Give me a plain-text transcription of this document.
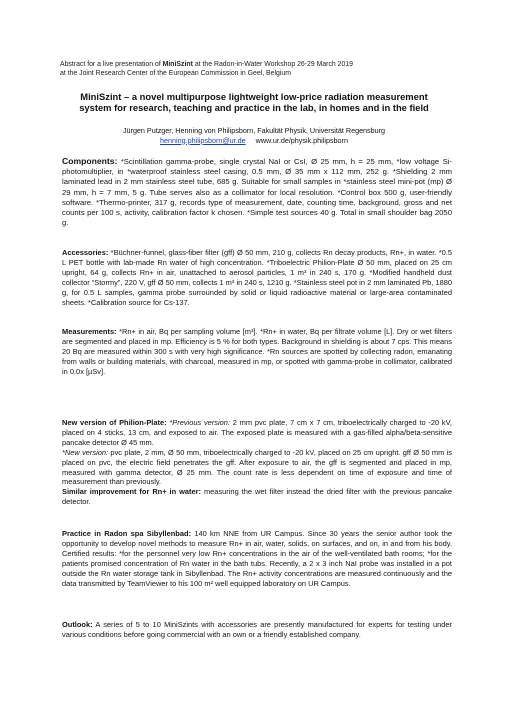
Abstract for a live presentation of MiniSzint at the Radon-in-Water Workshop 26-29 March 2019
at the Joint Research Center of the European Commission in Geel, Belgium
MiniSzint – a novel multipurpose lightweight low-price radiation measurement
system for research, teaching and practice in the lab, in homes and in the field
Jürgen Putzger, Henning von Philipsborn, Fakultät Physik, Universität Regensburg
henning.philipsborn@ur.de www.ur.de/physik.philipsborn
Components: *Scintillation gamma-probe, single crystal NaI or CsI, Ø 25 mm, h = 25 mm, *low voltage Si-photomultiplier, in *waterproof stainless steel casing, 0.5 mm, Ø 35 mm x 112 mm, 252 g. *Shielding 2 mm laminated lead in 2 mm stainless steel tube, 685 g. Suitable for small samples in *stainless steel mini-pot (mp) Ø 29 mm, h = 7 mm, 5 g. Tube serves also as a collimator for local resolution. *Control box 500 g, user-friendly software. *Thermo-printer, 317 g, records type of measurement, date, counting time, background, gross and net counts per 100 s, activity, calibration factor k chosen. *Simple test sources 40 g. Total in small shoulder bag 2050 g.
Accessories: *Büchner-funnel, glass-fiber filter (gff) Ø 50 mm, 210 g, collects Rn decay products, Rn+, in water. *0.5 L PET bottle with lab-made Rn water of high concentration. *Triboelectric Philion-Plate Ø 50 mm, placed on 25 cm upright, 64 g, collects Rn+ in air, unattached to aerosol particles, 1 m³ in 240 s, 170 g. *Modified handheld dust collector “Stormy”, 220 V, gff Ø 50 mm, collects 1 m³ in 240 s, 1210 g. *Stainless steel pot in 2 mm laminated Pb, 1880 g, for 0.5 L samples, gamma probe surrounded by solid or liquid radioactive material or large-area contaminated sheets. *Calibration source for Cs-137.
Measurements: *Rn+ in air, Bq per sampling volume [m³]. *Rn+ in water, Bq per filtrate volume [L]. Dry or wet filters are segmented and placed in mp. Efficiency is 5 % for both types. Background in shielding is about 7 cps. This means 20 Bq are measured within 300 s with very high significance. *Rn sources are spotted by collecting radon, emanating from walls or building materials, with charcoal, measured in mp, or spotted with gamma-probe in collimator, calibrated in 0.0x [µSv].
New version of Philion-Plate: *Previous version: 2 mm pvc plate, 7 cm x 7 cm, triboelectrically charged to -20 kV, placed on 4 sticks, 13 cm, and exposed to air. The exposed plate is measured with a gas-filled alpha/beta-sensitive pancake detector Ø 45 mm.
*New version: pvc plate, 2 mm, Ø 50 mm, triboelectrically charged to -20 kV, placed on 25 cm upright. gff Ø 50 mm is placed on pvc, the electric field penetrates the gff. After exposure to air, the gff is segmented and placed in mp, measured with gamma detector, Ø 25 mm. The count rate is less dependent on time of exposure and time of measurement than previously.
Similar improvement for Rn+ in water: measuring the wet filter instead the dried filter with the previous pancake detector.
Practice in Radon spa Sibyllenbad: 140 km NNE from UR Campus. Since 30 years the senior author took the opportunity to develop novel methods to measure Rn+ in air, water, solids, on surfaces, and on, in and from his body. Certified results: *for the personnel very low Rn+ concentrations in the air of the well-ventilated bath rooms; *for the patients promised concentration of Rn water in the bath tubs. Recently, a 2 x 3 inch NaI probe was installed in a pot outside the Rn water storage tank in Sibyllenbad. The Rn+ activity concentrations are measured continuously and the data transmitted by TeamViewer to his 100 m² well equipped laboratory on UR Campus.
Outlook: A series of 5 to 10 MiniSzints with accessories are presently manufactured for experts for testing under various conditions before going commercial with an own or a friendly established company.
